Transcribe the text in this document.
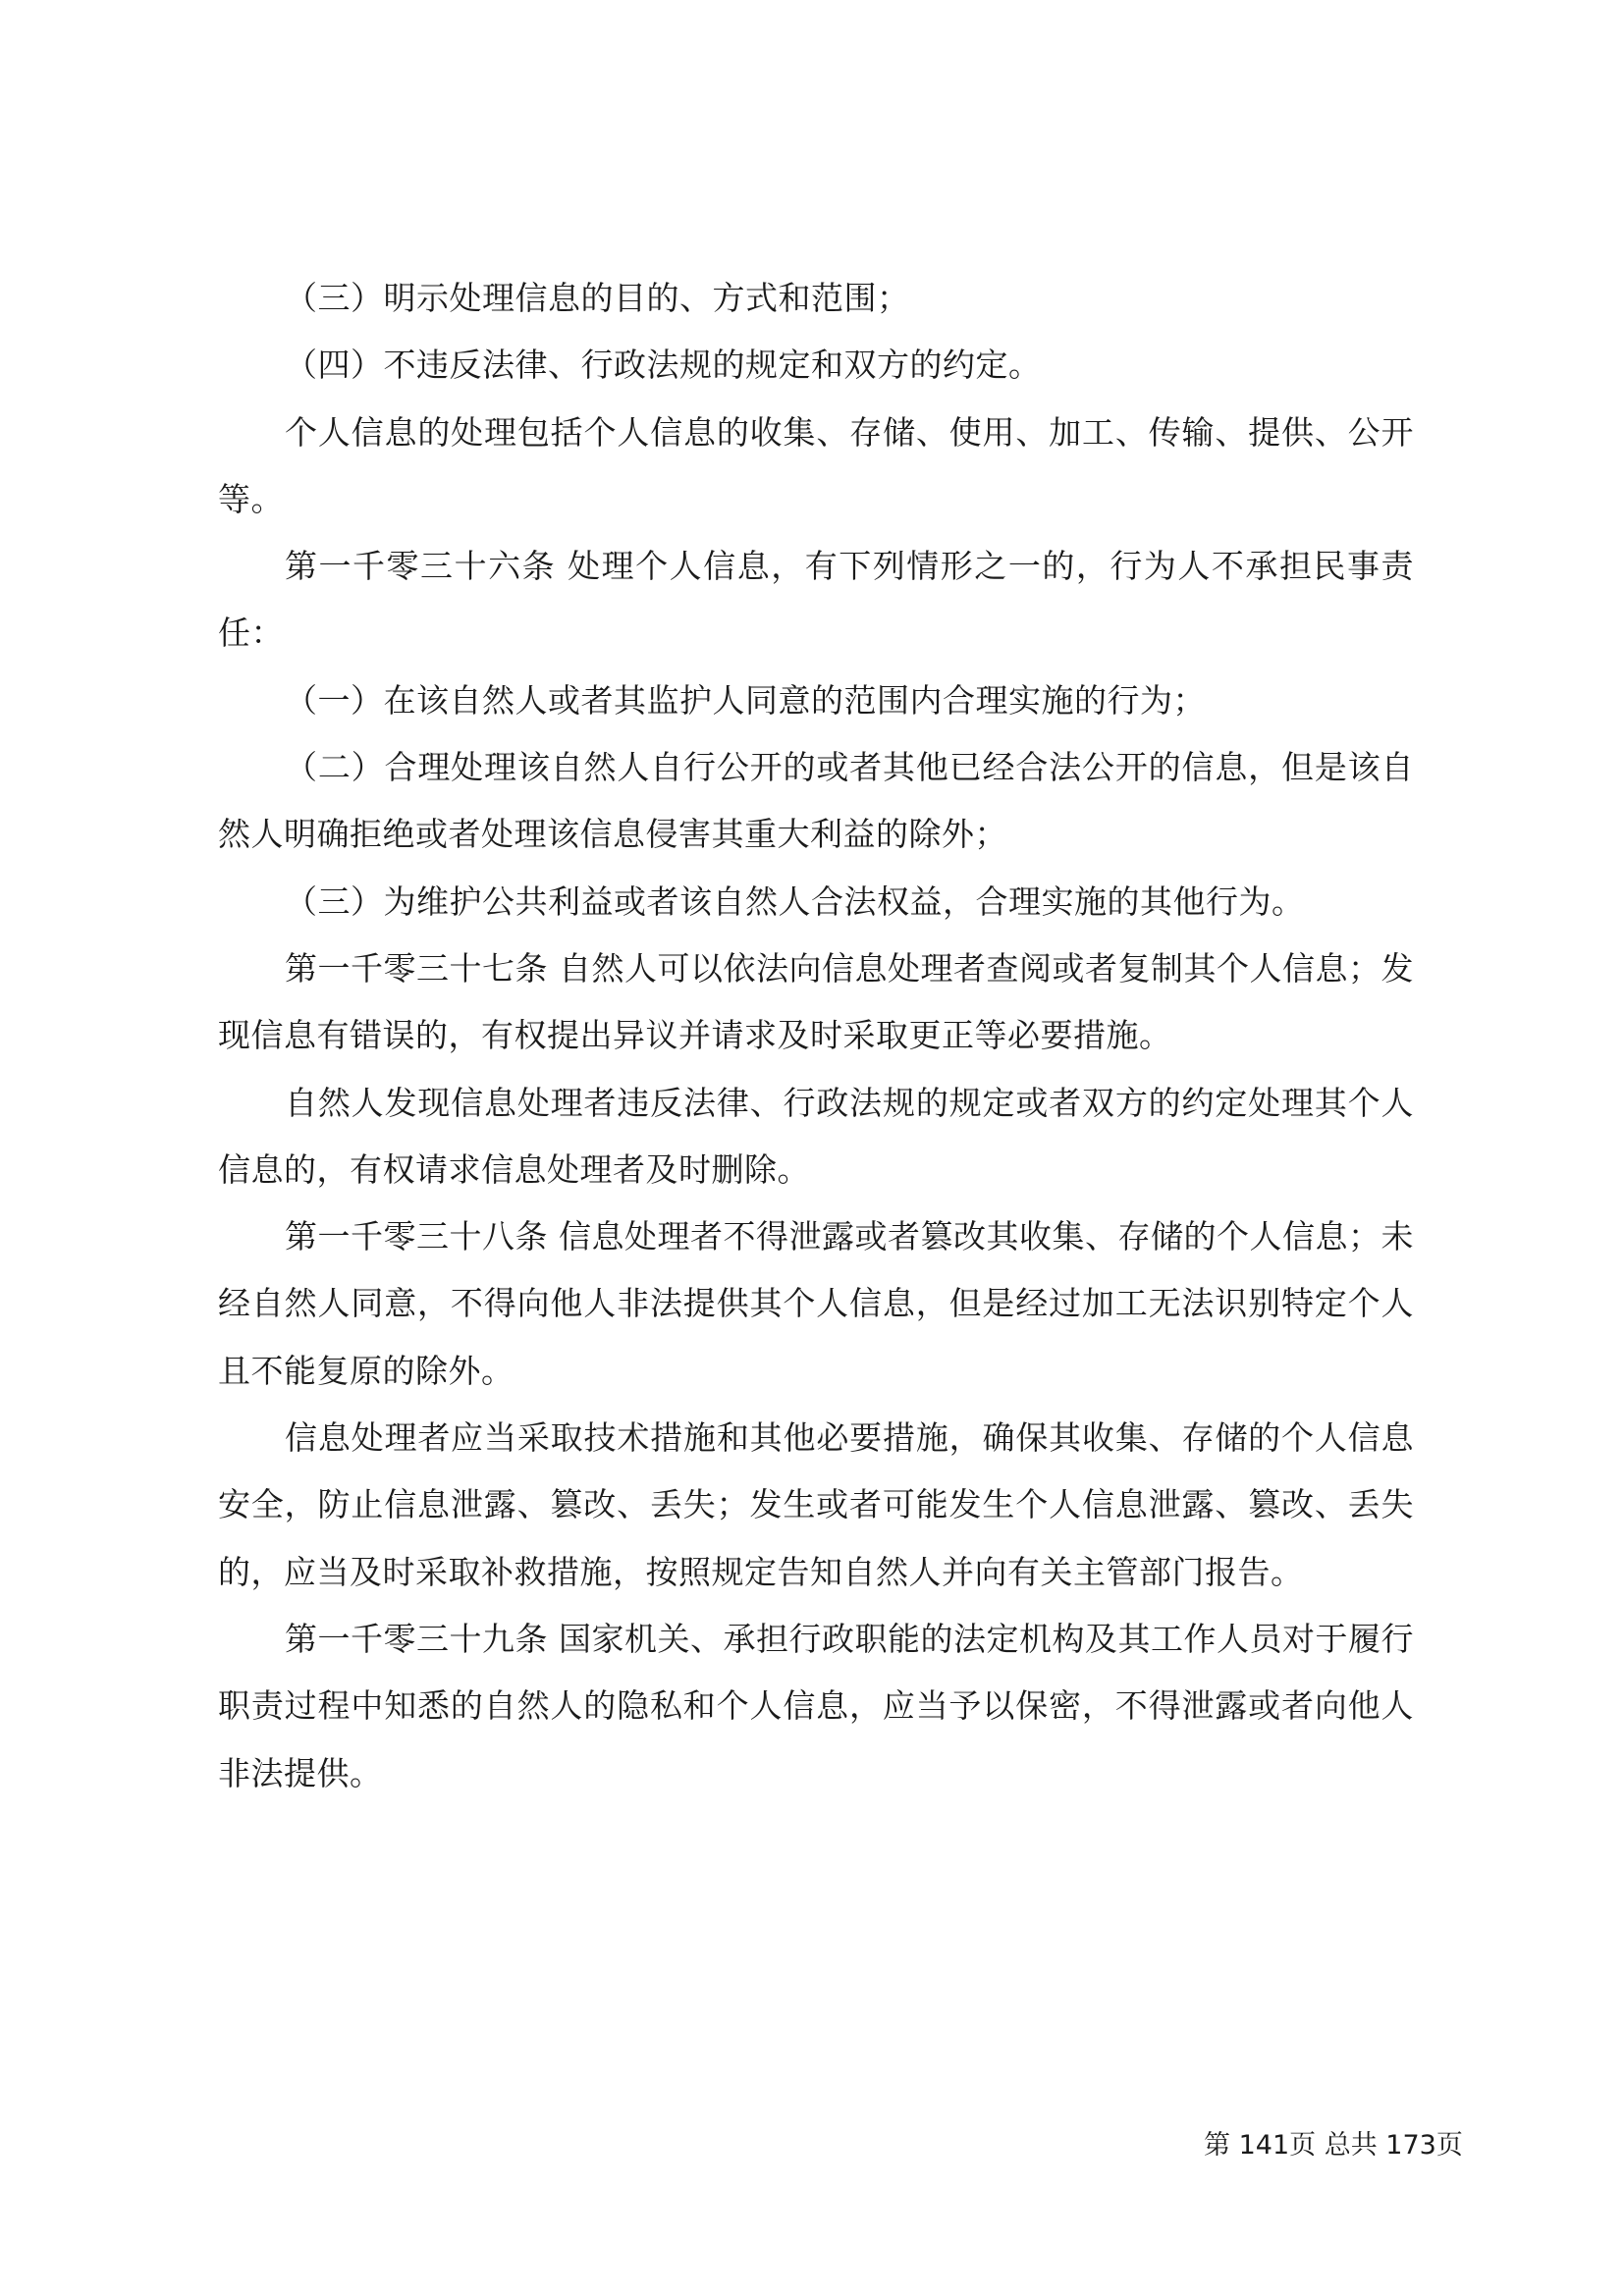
（三）明示处理信息的目的、方式和范围；

（四）不违反法律、行政法规的规定和双方的约定。

个人信息的处理包括个人信息的收集、存储、使用、加工、传输、提供、公开等。

第一千零三十六条 处理个人信息，有下列情形之一的，行为人不承担民事责任：

（一）在该自然人或者其监护人同意的范围内合理实施的行为；

（二）合理处理该自然人自行公开的或者其他已经合法公开的信息，但是该自然人明确拒绝或者处理该信息侵害其重大利益的除外；

（三）为维护公共利益或者该自然人合法权益，合理实施的其他行为。

第一千零三十七条 自然人可以依法向信息处理者查阅或者复制其个人信息；发现信息有错误的，有权提出异议并请求及时采取更正等必要措施。

自然人发现信息处理者违反法律、行政法规的规定或者双方的约定处理其个人信息的，有权请求信息处理者及时删除。

第一千零三十八条 信息处理者不得泄露或者篡改其收集、存储的个人信息；未经自然人同意，不得向他人非法提供其个人信息，但是经过加工无法识别特定个人且不能复原的除外。

信息处理者应当采取技术措施和其他必要措施，确保其收集、存储的个人信息安全，防止信息泄露、篡改、丢失；发生或者可能发生个人信息泄露、篡改、丢失的，应当及时采取补救措施，按照规定告知自然人并向有关主管部门报告。

第一千零三十九条 国家机关、承担行政职能的法定机构及其工作人员对于履行职责过程中知悉的自然人的隐私和个人信息，应当予以保密，不得泄露或者向他人非法提供。

第 141页 总共 173页
